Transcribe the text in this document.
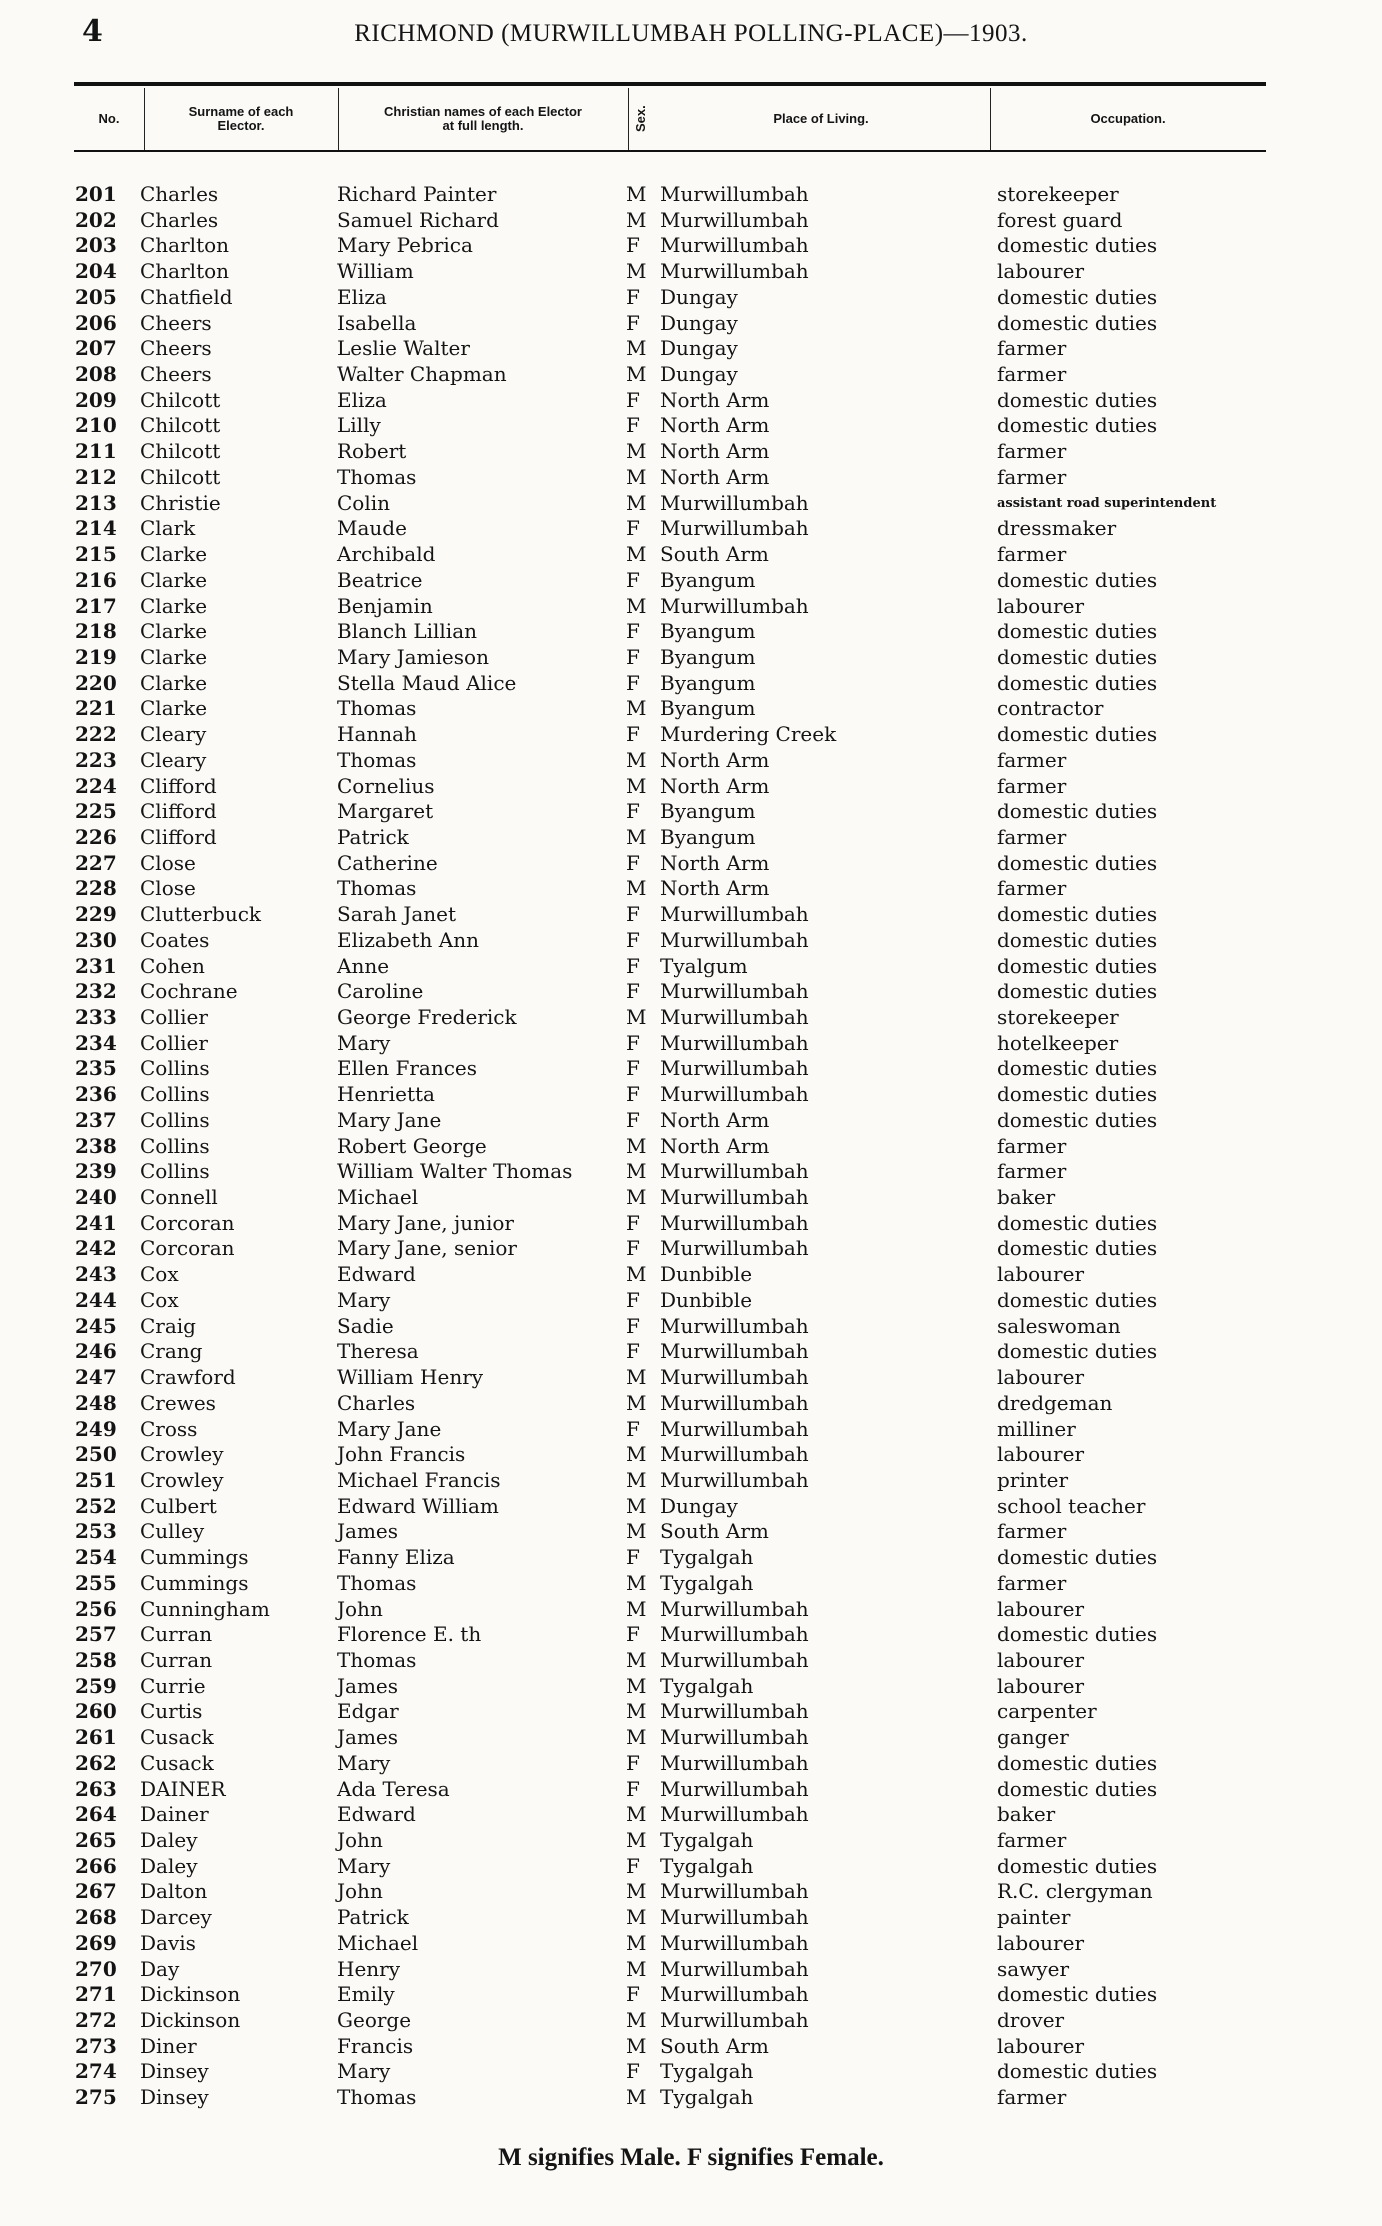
4	RICHMOND (MURWILLUMBAH POLLING-PLACE)—1903.
No.	Surname of each Elector.
Christian names of each Elector at full length.	Sex.	Place of Living.	Occupation.
201 Charles	Richard Painter	M Murwillumbah	storekeeper
202 Charles	Samuel Richard	M Murwillumbah	forest guard
203 Charlton	Mary Pebrica	F Murwillumbah	domestic duties
204 Charlton	William	M Murwillumbah	labourer
205 Chatfield	Eliza	F Dungay	domestic duties
206 Cheers	Isabella	F Dungay	domestic duties
207 Cheers	Leslie Walter	M Dungay	farmer
208 Cheers	Walter Chapman	M Dungay	farmer
209 Chilcott	Eliza	F North Arm	domestic duties
210 Chilcott	Lilly	F North Arm	domestic duties
211 Chilcott	Robert	M North Arm	farmer
212 Chilcott	Thomas	M North Arm	farmer
213 Christie	Colin	M Murwillumbah	assistant road superintendent
214 Clark	Maude	F Murwillumbah	dressmaker
215 Clarke	Archibald	M South Arm	farmer
216 Clarke	Beatrice	F Byangum	domestic duties
217 Clarke	Benjamin	M Murwillumbah	labourer
218 Clarke	Blanch Lillian	F Byangum	domestic duties
219 Clarke	Mary Jamieson	F Byangum	domestic duties
220 Clarke	Stella Maud Alice	F Byangum	domestic duties
221 Clarke	Thomas	M Byangum	contractor
222 Cleary	Hannah	F Murdering Creek	domestic duties
223 Cleary	Thomas	M North Arm	farmer
224 Clifford	Cornelius	M North Arm	farmer
225 Clifford	Margaret	F Byangum	domestic duties
226 Clifford	Patrick	M Byangum	farmer
227 Close	Catherine	F North Arm	domestic duties
228 Close	Thomas	M North Arm	farmer
229 Clutterbuck	Sarah Janet	F Murwillumbah	domestic duties
230 Coates	Elizabeth Ann	F Murwillumbah	domestic duties
231 Cohen	Anne	F Tyalgum	domestic duties
232 Cochrane	Caroline	F Murwillumbah	domestic duties
233 Collier	George Frederick	M Murwillumbah	storekeeper
234 Collier	Mary	F Murwillumbah	hotelkeeper
235 Collins	Ellen Frances	F Murwillumbah	domestic duties
236 Collins	Henrietta	F Murwillumbah	domestic duties
237 Collins	Mary Jane	F North Arm	domestic duties
238 Collins	Robert George	M North Arm	farmer
239 Collins	William Walter Thomas	M Murwillumbah	farmer
240 Connell	Michael	M Murwillumbah	baker
241 Corcoran	Mary Jane, junior	F Murwillumbah	domestic duties
242 Corcoran	Mary Jane, senior	F Murwillumbah	domestic duties
243 Cox	Edward	M Dunbible	labourer
244 Cox	Mary	F Dunbible	domestic duties
245 Craig	Sadie	F Murwillumbah	saleswoman
246 Crang	Theresa	F Murwillumbah	domestic duties
247 Crawford	William Henry	M Murwillumbah	labourer
248 Crewes	Charles	M Murwillumbah	dredgeman
249 Cross	Mary Jane	F Murwillumbah	milliner
250 Crowley	John Francis	M Murwillumbah	labourer
251 Crowley	Michael Francis	M Murwillumbah	printer
252 Culbert	Edward William	M Dungay	school teacher
253 Culley	James	M South Arm	farmer
254 Cummings	Fanny Eliza	F Tygalgah	domestic duties
255 Cummings	Thomas	M Tygalgah	farmer
256 Cunningham	John	M Murwillumbah	labourer
257 Curran	Florence E. th	F Murwillumbah	domestic duties
258 Curran	Thomas	M Murwillumbah	labourer
259 Currie	James	M Tygalgah	labourer
260 Curtis	Edgar	M Murwillumbah	carpenter
261 Cusack	James	M Murwillumbah	ganger
262 Cusack	Mary	F Murwillumbah	domestic duties
263 DAINER	Ada Teresa	F Murwillumbah	domestic duties
264 Dainer	Edward	M Murwillumbah	baker
265 Daley	John	M Tygalgah	farmer
266 Daley	Mary	F Tygalgah	domestic duties
267 Dalton	John	M Murwillumbah	R.C. clergyman
268 Darcey	Patrick	M Murwillumbah	painter
269 Davis	Michael	M Murwillumbah	labourer
270 Day	Henry	M Murwillumbah	sawyer
271 Dickinson	Emily	F Murwillumbah	domestic duties
272 Dickinson	George	M Murwillumbah	drover
273 Diner	Francis	M South Arm	labourer
274 Dinsey	Mary	F Tygalgah	domestic duties
275 Dinsey	Thomas	M Tygalgah	farmer
M signifies Male. F signifies Female.
